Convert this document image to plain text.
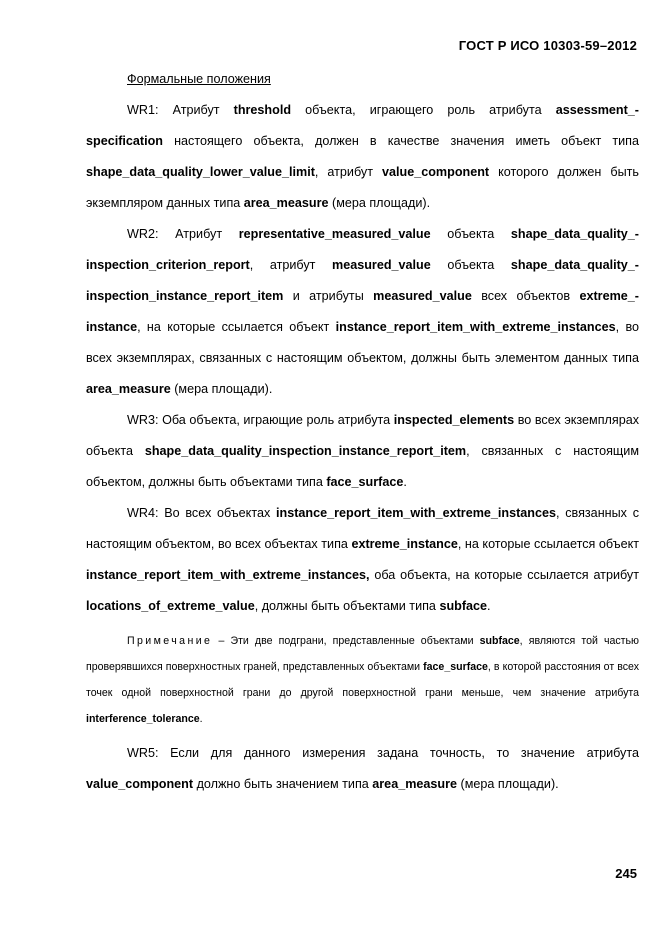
ГОСТ Р ИСО 10303-59–2012

Формальные положения

WR1: Атрибут threshold объекта, играющего роль атрибута assessment_-specification настоящего объекта, должен в качестве значения иметь объект типа shape_data_quality_lower_value_limit, атрибут value_component которого должен быть экземпляром данных типа area_measure (мера площади).

WR2: Атрибут representative_measured_value объекта shape_data_quality_-inspection_criterion_report, атрибут measured_value объекта shape_data_quality_-inspection_instance_report_item и атрибуты measured_value всех объектов extreme_-instance, на которые ссылается объект instance_report_item_with_extreme_instances, во всех экземплярах, связанных с настоящим объектом, должны быть элементом данных типа area_measure (мера площади).

WR3: Оба объекта, играющие роль атрибута inspected_elements во всех экземплярах объекта shape_data_quality_inspection_instance_report_item, связанных с настоящим объектом, должны быть объектами типа face_surface.

WR4: Во всех объектах instance_report_item_with_extreme_instances, связанных с настоящим объектом, во всех объектах типа extreme_instance, на которые ссылается объект instance_report_item_with_extreme_instances, оба объекта, на которые ссылается атрибут locations_of_extreme_value, должны быть объектами типа subface.

Примечание – Эти две подграни, представленные объектами subface, являются той частью проверявшихся поверхностных граней, представленных объектами face_surface, в которой расстояния от всех точек одной поверхностной грани до другой поверхностной грани меньше, чем значение атрибута interference_tolerance.

WR5: Если для данного измерения задана точность, то значение атрибута value_component должно быть значением типа area_measure (мера площади).

245
